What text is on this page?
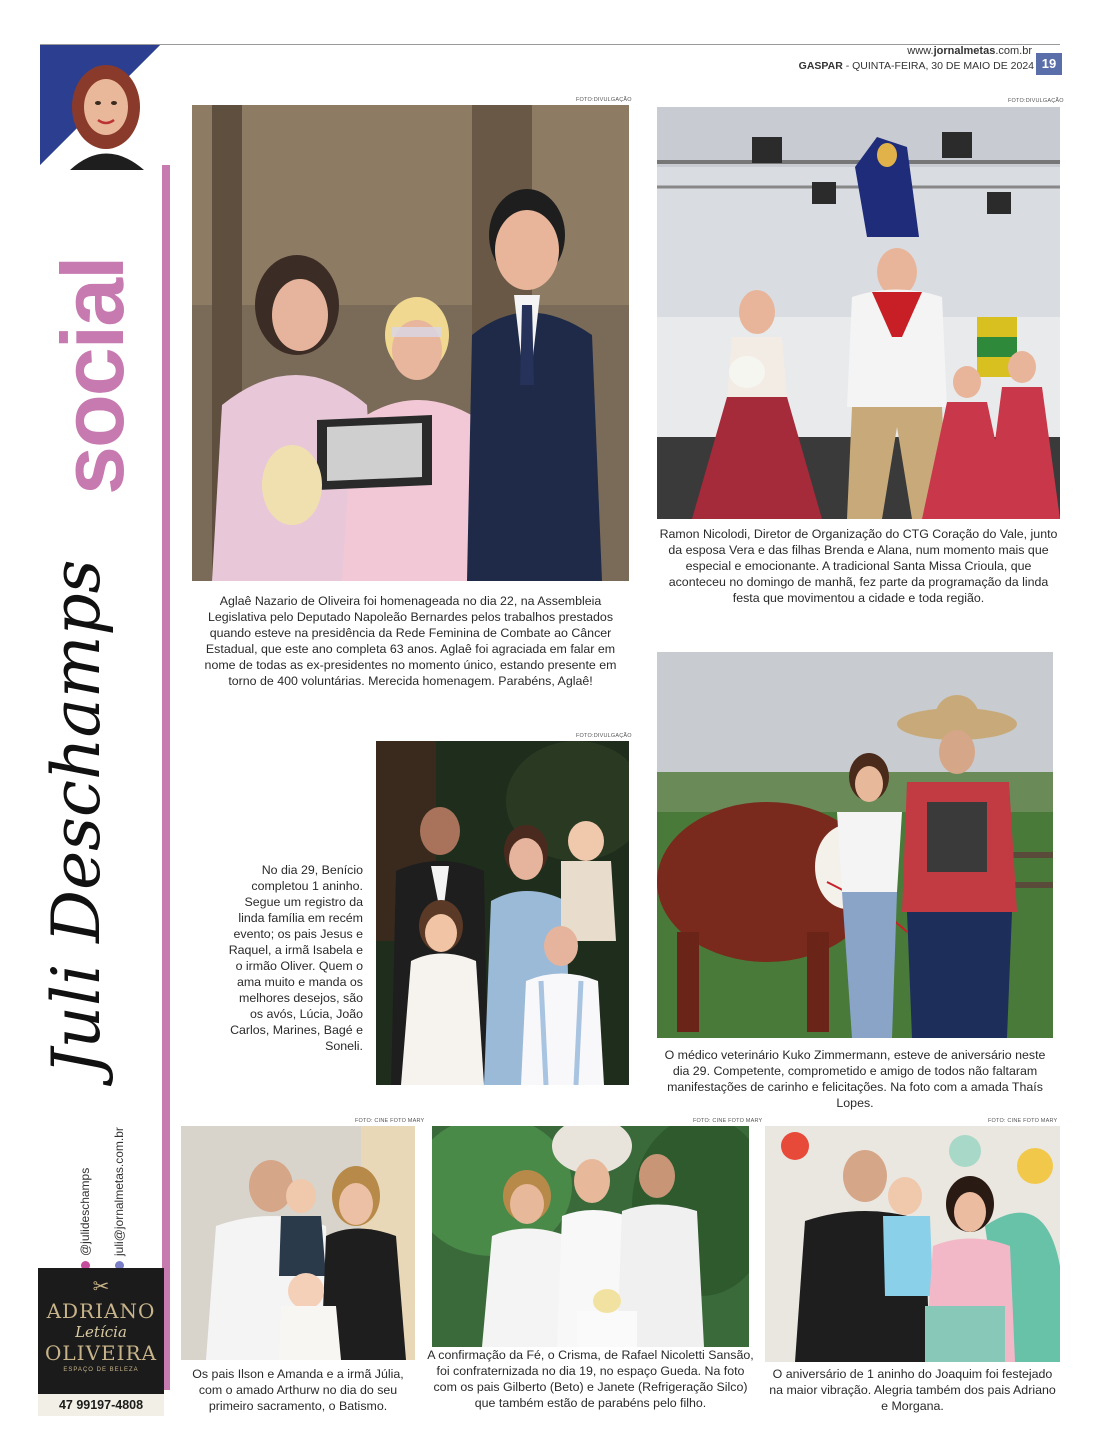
www.jornalmetas.com.br
GASPAR - QUINTA-FEIRA, 30 DE MAIO DE 2024 19
social
Juli Deschamps
@julideschamps juli@jornalmetas.com.br
✂
ADRIANO
Letícia
OLIVEIRA
ESPAÇO DE BELEZA
47 99197-4808
FOTO:DIVULGAÇÃO
Aglaê Nazario de Oliveira foi homenageada no dia 22, na Assembleia Legislativa pelo Deputado Napoleão Bernardes pelos trabalhos prestados quando esteve na presidência da Rede Feminina de Combate ao Câncer Estadual, que este ano completa 63 anos. Aglaê foi agraciada em falar em nome de todas as ex-presidentes no momento único, estando presente em torno de 400 voluntárias. Merecida homenagem. Parabéns, Aglaê!
FOTO:DIVULGAÇÃO
Ramon Nicolodi, Diretor de Organização do CTG Coração do Vale, junto da esposa Vera e das filhas Brenda e Alana, num momento mais que especial e emocionante. A tradicional Santa Missa Crioula, que aconteceu no domingo de manhã, fez parte da programação da linda festa que movimentou a cidade e toda região.
FOTO:DIVULGAÇÃO
No dia 29, Benício completou 1 aninho. Segue um registro da linda família em recém evento; os pais Jesus e Raquel, a irmã Isabela e o irmão Oliver. Quem o ama muito e manda os melhores desejos, são os avós, Lúcia, João Carlos, Marines, Bagé e Soneli.
O médico veterinário Kuko Zimmermann, esteve de aniversário neste dia 29. Competente, comprometido e amigo de todos não faltaram manifestações de carinho e felicitações. Na foto com a amada Thaís Lopes.
FOTO: CINE FOTO MARY
Os pais Ilson e Amanda e a irmã Júlia, com o amado Arthurw no dia do seu primeiro sacramento, o Batismo.
FOTO: CINE FOTO MARY
A confirmação da Fé, o Crisma, de Rafael Nicoletti Sansão, foi confraternizada no dia 19, no espaço Gueda. Na foto com os pais Gilberto (Beto) e Janete (Refrigeração Silco) que também estão de parabéns pelo filho.
FOTO: CINE FOTO MARY
O aniversário de 1 aninho do Joaquim foi festejado na maior vibração. Alegria também dos pais Adriano e Morgana.
